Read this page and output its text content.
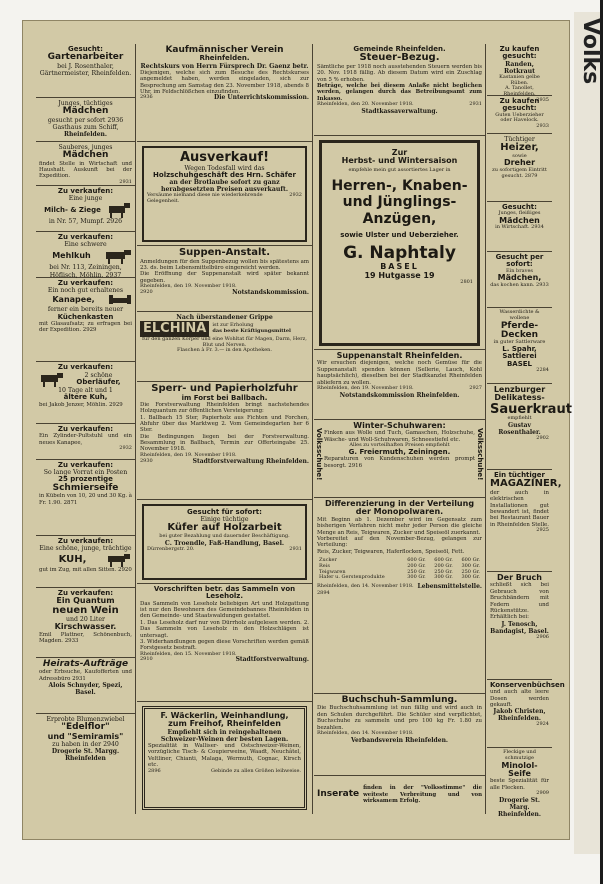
Volks
Gesucht:
Gartenarbeiter
bei J. Rosenthaler,
Gärtnermeister, Rheinfelden.
Junges, tüchtiges
Mädchen
gesucht per sofort 2936
Gasthaus zum Schiff,
Rheinfelden.
Sauberes, junges
Mädchen
findet Stelle in Wirtschaft und Haushalt. Auskunft bei der Expedition.
2931
Zu verkaufen:
Eine junge
Milch- & Ziege
in Nr. 57, Mumpf. 2926
Zu verkaufen:
Eine schwere
Mehlkuh
bei Nr. 113, Zeiningen, Höflisch, Möhlin. 2937
Zu verkaufen:
Ein noch gut erhaltenes
Kanapee,
ferner ein bereits neuer
Küchenkasten
mit Glasaufsatz; zu erfragen bei der Expedition. 2929
Zu verkaufen:
2 schöne
Oberläufer,
10 Tage alt und 1
ältere Kuh,
bei Jakob Jenzer, Möhlin. 2929
Zu verkaufen:
Ein Zylinder-Pultstuhl und ein neues Kanapee,
2932
Zu verkaufen:
So lange Vorrat ein Posten
25 prozentige
Schmierseife
in Kübeln von 10, 20 und 30 Kg. à Fr. 1.90. 2871
Zu verkaufen:
Eine schöne, junge, trächtige
KUH,
gut im Zug, mit allen Sitten. 2920
Zu verkaufen:
Ein Quantum
neuen Wein
und 20 Liter
Kirschwasser.
Emil Plattner, Schönenbuch, Magden. 2933
Heirats-Aufträge
oder Erbsuche, Kaufofferten und Adressbüro 2931
Alois Schnyder, Spezi, Basel.
Erprobte Blumenzwiebel
"Edelflor"
und "Semiramis"
zu haben in der 2940
Drogerie St. Margg. Rheinfelden
Kaufmännischer Verein
Rheinfelden.
Rechtskurs von Herrn Fürsprech Dr. Gaenz betr.
Diejenigen, welche sich zum Besuche des Rechtskurses angemeldet haben, werden eingeladen, sich zur Besprechung am Samstag den 23. November 1918, abends 8 Uhr, im Feldschlößchen einzufinden.
2936	Die Unterrichtskommission.
Ausverkauf!
Wegen Todesfall wird das
Holzschuhgeschäft des Hrn. Schäfer
an der Brotlaube sofort zu ganz herabgesetzten Preisen ausverkauft.
Versäume niemand diese nie wiederkehrende Gelegenheit.
2932
Suppen-Anstalt.
Anmeldungen für den Suppenbezug wollen bis spätestens am 23. ds. beim Lebensmittelbüro eingereicht werden.
Die Eröffnung der Suppenanstalt wird später bekannt gegeben.
Rheinfelden, den 19. November 1918.
2920	Notstandskommission.
Nach überstandener Grippe
ELCHINA	ist zur Erholung
das beste Kräftigungsmittel
für den ganzen Körper und eine Wohltat für Magen, Darm, Herz, Blut und Nerven.
Flaschen à Fr. 3.— in den Apotheken.
Sperr- und Papierholzfuhr
im Forst bei Ballbach.
Die Forstverwaltung Rheinfelden bringt nachstehendes Holzquantum zur öffentlichen Versteigerung:
1. Ballbach 15 Ster, Papierholz aus Fichten und Forchen, Abfuhr über das Marktweg 2. Vom Gemeindegarten her 6 Ster.
Die Bedingungen liegen bei der Forstverwaltung. Besammlung in Ballbach, Termin zur Offerteingabe 25. November 1918.
Rheinfelden, den 19. November 1918.
2930	Stadtforstverwaltung Rheinfelden.
Gesucht für sofort:
Einige tüchtige
Küfer auf Holzarbeit
bei guter Bezahlung und dauernder Beschäftigung.
C. Troendle, Faß-Handlung, Basel.
Dürrenbergstr. 20.	2931
Vorschriften betr. das Sammeln von Leseholz.
Das Sammeln von Leseholz beliebigen Art und Holzgattung ist nur den Bewohnern des Gemeindebannes Rheinfelden in den Gemeinde- und Staatswaldungen gestattet.
1. Das Leseholz darf nur von Dürrholz aufgelesen werden. 2. Das Sammeln von Leseholz in den Holzschlägen ist untersagt.
3. Widerhandlungen gegen diese Vorschriften werden gemäß Forstgesetz bestraft.
Rheinfelden, den 15. November 1918.
2910	Stadtforstverwaltung.
F. Wäckerlin, Weinhandlung,
zum Freihof, Rheinfelden
Empfiehlt sich in reingehaltenen Schweizer-Weinen der besten Lagen.
Spezialität in Walliser- und Ostschweizer-Weinen, vorzügliche Tisch- & Coupierweine, Waadt, Neuchâtel, Veltliner, Chianti, Malaga, Wermuth, Cognac, Kirsch etc.
2896	Gebinde zu allen Größen leihweise.
Gemeinde Rheinfelden.
Steuer-Bezug.
Sämtliche per 1918 noch ausstehenden Steuern werden bis 20. Nov. 1918 fällig. Ab diesem Datum wird ein Zuschlag von 5 % erhoben.
Beträge, welche bei diesem Anlaße nicht beglichen werden, gelangen durch das Betreibungsamt zum Inkasso.
Rheinfelden, den 20. November 1918.	2931
Stadtkassaverwaltung.
Zur
Herbst- und Wintersaison
empfehle mein gut assortiertes Lager in
Herren-, Knaben- und Jünglings-Anzügen,
sowie Ulster und Ueberzieher.
G. Naphtaly
BASEL
19 Hutgasse 19
2801
Suppenanstalt Rheinfelden.
Wir ersuchen diejenigen, welche noch Gemüse für die Suppenanstalt spenden können (Sellerie, Lauch, Kohl hauptsächlich), dieselben bei der Stadtkanzlei Rheinfelden abliefern zu wollen.
Rheinfelden, den 19. November 1918.	2927
Notstandskommission Rheinfelden.
Volksschuhe!	Volksschuhe!
Winter-Schuhwaren:
Finken aus Wolle und Tuch, Gamaschen, Holzschuhe, Wäsche- und Woll-Schuhwaren, Schneestiefel etc.
Alles zu vorteilhaften Preisen empfiehlt
G. Freiermuth, Zeiningen.
Reparaturen von Kundenschuhen werden prompt besorgt. 2916
Differenzierung in der Verteilung der Monopolwaren.
Mit Beginn ab 1. Dezember wird im Gegensatz zum bisherigen Verfahren nicht mehr jeder Person die gleiche Menge an Reis, Teigwaren, Zucker und Speiseöl zuerkannt.
Vorbereitet auf den November-Bezug, gelangen zur Verteilung:
Reis, Zucker, Teigwaren, Haferflocken, Speiseöl, Fett.
Zucker	600 Gr.	600 Gr.	600 Gr.
Reis	200 Gr.	200 Gr.	300 Gr.
Teigwaren	250 Gr.	250 Gr.	250 Gr.
Hafer u. Gerstenprodukte	300 Gr.	300 Gr.	300 Gr.
Rheinfelden, den 14. November 1918. Lebensmittelstelle.
2894
Buchschuh-Sammlung.
Die Buchschuhsammlung ist nun fällig und wird auch in den Schulen durchgeführt. Die Schüler sind verpflichtet, Buchschuhe zu sammeln und pro 100 kg Fr. 1.80 zu bezahlen.
Rheinfelden, den 14. November 1918.
Verbandsverein Rheinfelden.
Inserate
finden in der "Volksstimme" die weiteste Verbreitung und von wirksamem Erfolg.
Zu kaufen gesucht:
Randen, Rotkraut
Kastanien gelbe Rüben.
A. Tanollet, Rheinfelden.
2935
Zu kaufen gesucht:
Guten Ueberzieher oder Havelock.
2933
Tüchtiger
Heizer,
sowie
Dreher
zu sofortigem Eintritt gesucht. 2879
Gesucht:
Junges, fleißiges
Mädchen
in Wirtschaft. 2934
Gesucht per sofort:
Ein braves
Mädchen,
das kochen kann. 2933
Wasserdichte & wollene
Pferde-Decken
in guter Sattlerware
L. Spahr, Sattlerei
BASEL
2284
Lenzburger
Delikatess-
Sauerkraut
empfiehlt
Gustav Rosenthaler.
2902
Ein tüchtiger
MAGAZINER,
der auch in elektrischen Installationen gut bewandert ist, findet bei Restaurant Bauer in Rheinfelden Stelle.
2925
Der Bruch
schließt sich bei Gebrauch von Bruchbändern mit Federn und Rückenstütze. Erhältlich bei:
J. Tenosch, Bandagist, Basel.
2906
Konservenbüchsen
und auch alte leere Dosen werden gekauft.
Jakob Christen, Rheinfelden.
2924
Fleckige und schmutzige
Minolol-Seife
beste Spezialität für alle Flecken.
2909
Drogerie St. Marg. Rheinfelden.
